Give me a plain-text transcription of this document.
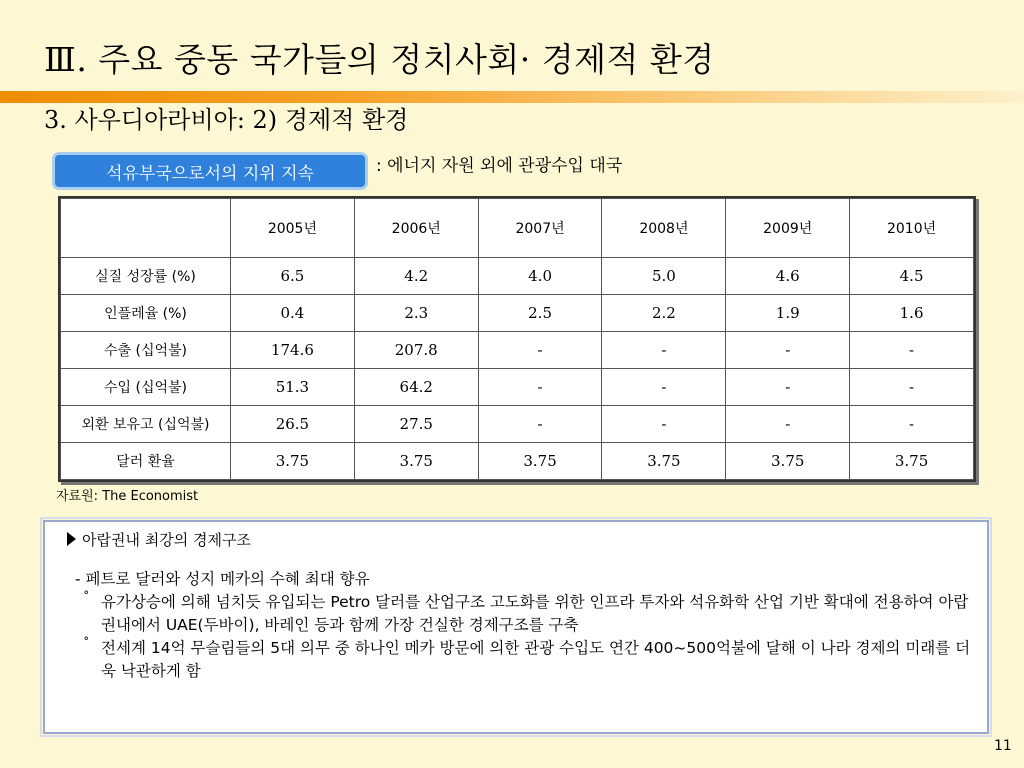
Ⅲ. 주요 중동 국가들의 정치사회· 경제적 환경
3. 사우디아라비아: 2) 경제적 환경
석유부국으로서의 지위 지속	: 에너지 자원 외에 관광수입 대국
	2005년	2006년	2007년	2008년	2009년	2010년
실질 성장률 (%)	6.5	4.2	4.0	5.0	4.6	4.5
인플레율 (%)	0.4	2.3	2.5	2.2	1.9	1.6
수출 (십억불)	174.6	207.8	-	-	-	-
수입 (십억불)	51.3	64.2	-	-	-	-
외환 보유고 (십억불)	26.5	27.5	-	-	-	-
달러 환율	3.75	3.75	3.75	3.75	3.75	3.75
자료원: The Economist
아랍권내 최강의 경제구조
- 페트로 달러와 성지 메카의 수혜 최대 향유
˚ 유가상승에 의해 넘치듯 유입되는 Petro 달러를 산업구조 고도화를 위한 인프라 투자와 석유화학 산업 기반 확대에 전용하여 아랍권내에서 UAE(두바이), 바레인 등과 함께 가장 건실한 경제구조를 구축
˚ 전세계 14억 무슬림들의 5대 의무 중 하나인 메카 방문에 의한 관광 수입도 연간 400~500억불에 달해 이 나라 경제의 미래를 더욱 낙관하게 함
11
